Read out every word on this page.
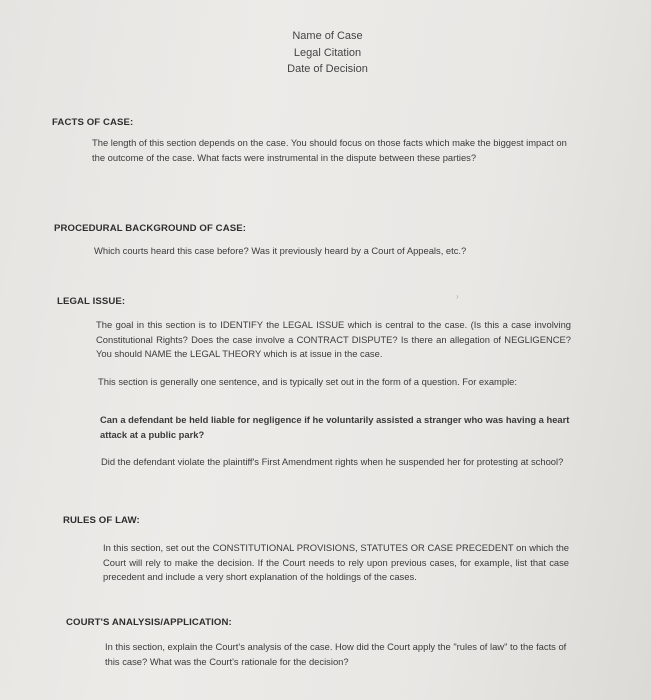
Name of Case
Legal Citation
Date of Decision
FACTS OF CASE:
The length of this section depends on the case. You should focus on those facts which make the biggest impact on the outcome of the case. What facts were instrumental in the dispute between these parties?
PROCEDURAL BACKGROUND OF CASE:
Which courts heard this case before? Was it previously heard by a Court of Appeals, etc.?
LEGAL ISSUE:	›
The goal in this section is to IDENTIFY the LEGAL ISSUE which is central to the case. (Is this a case involving Constitutional Rights? Does the case involve a CONTRACT DISPUTE? Is there an allegation of NEGLIGENCE? You should NAME the LEGAL THEORY which is at issue in the case.
This section is generally one sentence, and is typically set out in the form of a question. For example:
Can a defendant be held liable for negligence if he voluntarily assisted a stranger who was having a heart attack at a public park?
Did the defendant violate the plaintiff's First Amendment rights when he suspended her for protesting at school?
RULES OF LAW:
In this section, set out the CONSTITUTIONAL PROVISIONS, STATUTES OR CASE PRECEDENT on which the Court will rely to make the decision. If the Court needs to rely upon previous cases, for example, list that case precedent and include a very short explanation of the holdings of the cases.
COURT'S ANALYSIS/APPLICATION:
In this section, explain the Court's analysis of the case. How did the Court apply the "rules of law" to the facts of this case? What was the Court's rationale for the decision?
